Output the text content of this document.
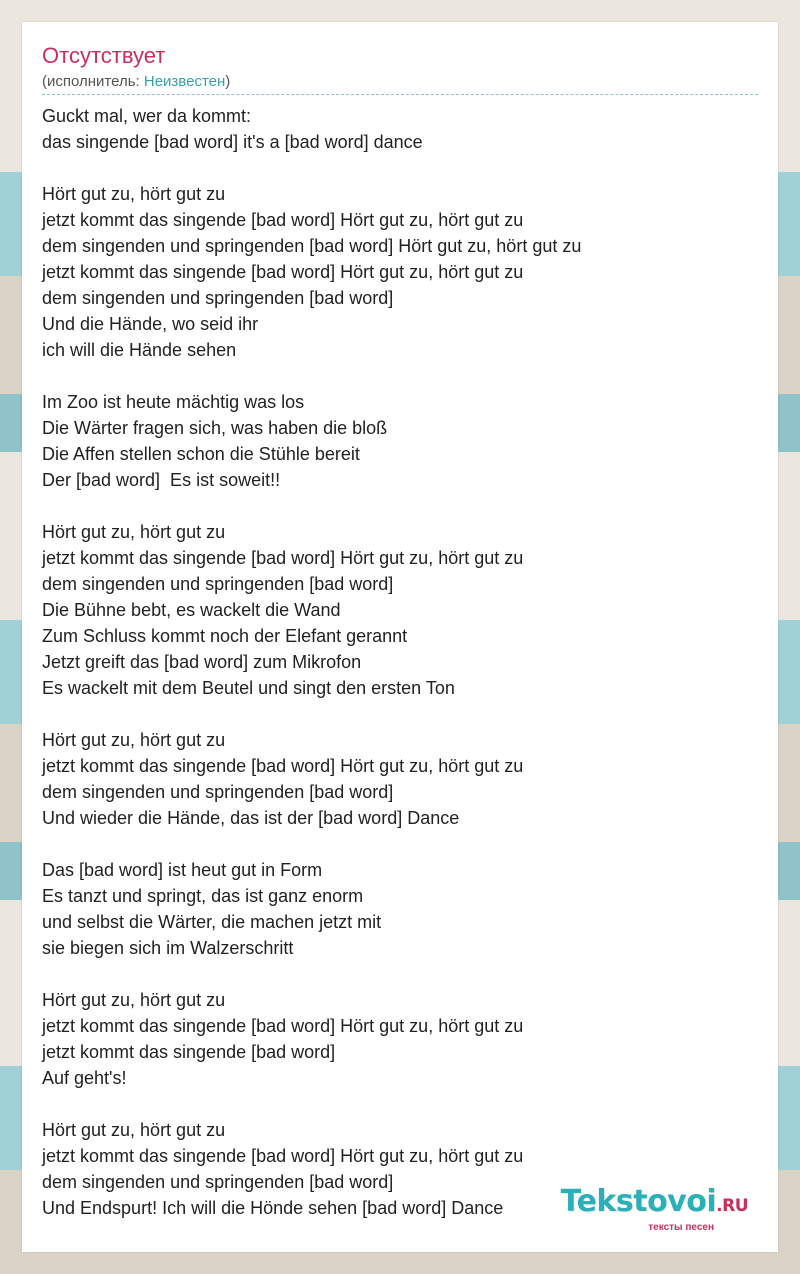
Отсутствует
(исполнитель: Неизвестен)
Guckt mal, wer da kommt:
das singende [bad word] it's a [bad word] dance
Hört gut zu, hört gut zu
jetzt kommt das singende [bad word] Hört gut zu, hört gut zu
dem singenden und springenden [bad word] Hört gut zu, hört gut zu
jetzt kommt das singende [bad word] Hört gut zu, hört gut zu
dem singenden und springenden [bad word]
Und die Hände, wo seid ihr
ich will die Hände sehen
Im Zoo ist heute mächtig was los
Die Wärter fragen sich, was haben die bloß
Die Affen stellen schon die Stühle bereit
Der [bad word]  Es ist soweit!!
Hört gut zu, hört gut zu
jetzt kommt das singende [bad word] Hört gut zu, hört gut zu
dem singenden und springenden [bad word]
Die Bühne bebt, es wackelt die Wand
Zum Schluss kommt noch der Elefant gerannt
Jetzt greift das [bad word] zum Mikrofon
Es wackelt mit dem Beutel und singt den ersten Ton
Hört gut zu, hört gut zu
jetzt kommt das singende [bad word] Hört gut zu, hört gut zu
dem singenden und springenden [bad word]
Und wieder die Hände, das ist der [bad word] Dance
Das [bad word] ist heut gut in Form
Es tanzt und springt, das ist ganz enorm
und selbst die Wärter, die machen jetzt mit
sie biegen sich im Walzerschritt
Hört gut zu, hört gut zu
jetzt kommt das singende [bad word] Hört gut zu, hört gut zu
jetzt kommt das singende [bad word]
Auf geht's!
Hört gut zu, hört gut zu
jetzt kommt das singende [bad word] Hört gut zu, hört gut zu
dem singenden und springenden [bad word]
Und Endspurt! Ich will die Hönde sehen [bad word] Dance	Tekstovoi.RU
тексты песен
